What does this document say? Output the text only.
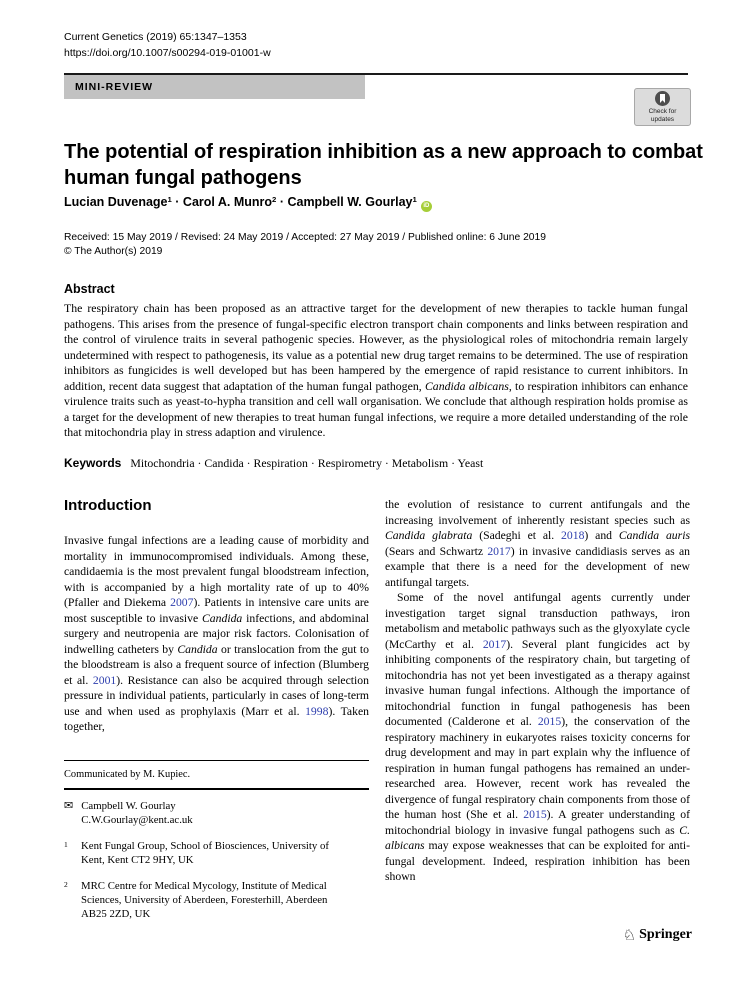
Current Genetics (2019) 65:1347–1353
https://doi.org/10.1007/s00294-019-01001-w
MINI-REVIEW
Check for
updates
The potential of respiration inhibition as a new approach to combat
human fungal pathogens
Lucian Duvenage$^1$ · Carol A. Munro$^2$ · Campbell W. Gourlay$^1$iD
Received: 15 May 2019 / Revised: 24 May 2019 / Accepted: 27 May 2019 / Published online: 6 June 2019
© The Author(s) 2019
Abstract

The respiratory chain has been proposed as an attractive target for the development of new therapies to tackle human fungal pathogens. This arises from the presence of fungal-specific electron transport chain components and links between respiration and the control of virulence traits in several pathogenic species. However, as the physiological roles of mitochondria remain largely undetermined with respect to pathogenesis, its value as a potential new drug target remains to be determined. The use of respiration inhibitors as fungicides is well developed but has been hampered by the emergence of rapid resistance to current inhibitors. In addition, recent data suggest that adaptation of the human fungal pathogen, Candida albicans, to respiration inhibitors can enhance virulence traits such as yeast-to-hypha transition and cell wall organisation. We conclude that although respiration holds promise as a target for the development of new therapies to treat human fungal infections, we require a more detailed understanding of the role that mitochondria play in stress adaption and virulence.

Keywords Mitochondria · Candida · Respiration · Respirometry · Metabolism · Yeast
Introduction

Invasive fungal infections are a leading cause of morbidity and mortality in immunocompromised individuals. Among these, candidaemia is the most prevalent fungal bloodstream infection, with is accompanied by a high mortality rate of up to 40% (Pfaller and Diekema 2007). Patients in intensive care units are most susceptible to invasive Candida infections, and abdominal surgery and neutropenia are major risk factors. Colonisation of indwelling catheters by Candida or translocation from the gut to the bloodstream is also a frequent source of infection (Blumberg et al. 2001). Resistance can also be acquired through selection pressure in individual patients, particularly in cases of long-term use and when used as prophylaxis (Marr et al. 1998). Taken together,

the evolution of resistance to current antifungals and the increasing involvement of inherently resistant species such as Candida glabrata (Sadeghi et al. 2018) and Candida auris (Sears and Schwartz 2017) in invasive candidiasis serves as an example that there is a need for the development of new antifungal targets.

Some of the novel antifungal agents currently under investigation target signal transduction pathways, iron metabolism and metabolic pathways such as the glyoxylate cycle (McCarthy et al. 2017). Several plant fungicides act by inhibiting components of the respiratory chain, but targeting of mitochondria has not yet been investigated as a therapy against invasive human fungal infections. Although the importance of mitochondrial function in fungal pathogenesis has been documented (Calderone et al. 2015), the conservation of the respiratory machinery in eukaryotes raises toxicity concerns for drug development and may in part explain why the influence of respiration in human fungal pathogens has remained an under-researched area. However, recent work has revealed the divergence of fungal respiratory chain components from those of the human host (She et al. 2015). A greater understanding of mitochondrial biology in invasive fungal pathogens such as C. albicans may expose weaknesses that can be exploited for anti-fungal development. Indeed, respiration inhibition has been shown

Communicated by M. Kupiec.
✉ Campbell W. Gourlay
C.W.Gourlay@kent.ac.uk
1	Kent Fungal Group, School of Biosciences, University of Kent, Kent CT2 9HY, UK
2	MRC Centre for Medical Mycology, Institute of Medical Sciences, University of Aberdeen, Foresterhill, Aberdeen AB25 2ZD, UK
♘ Springer
